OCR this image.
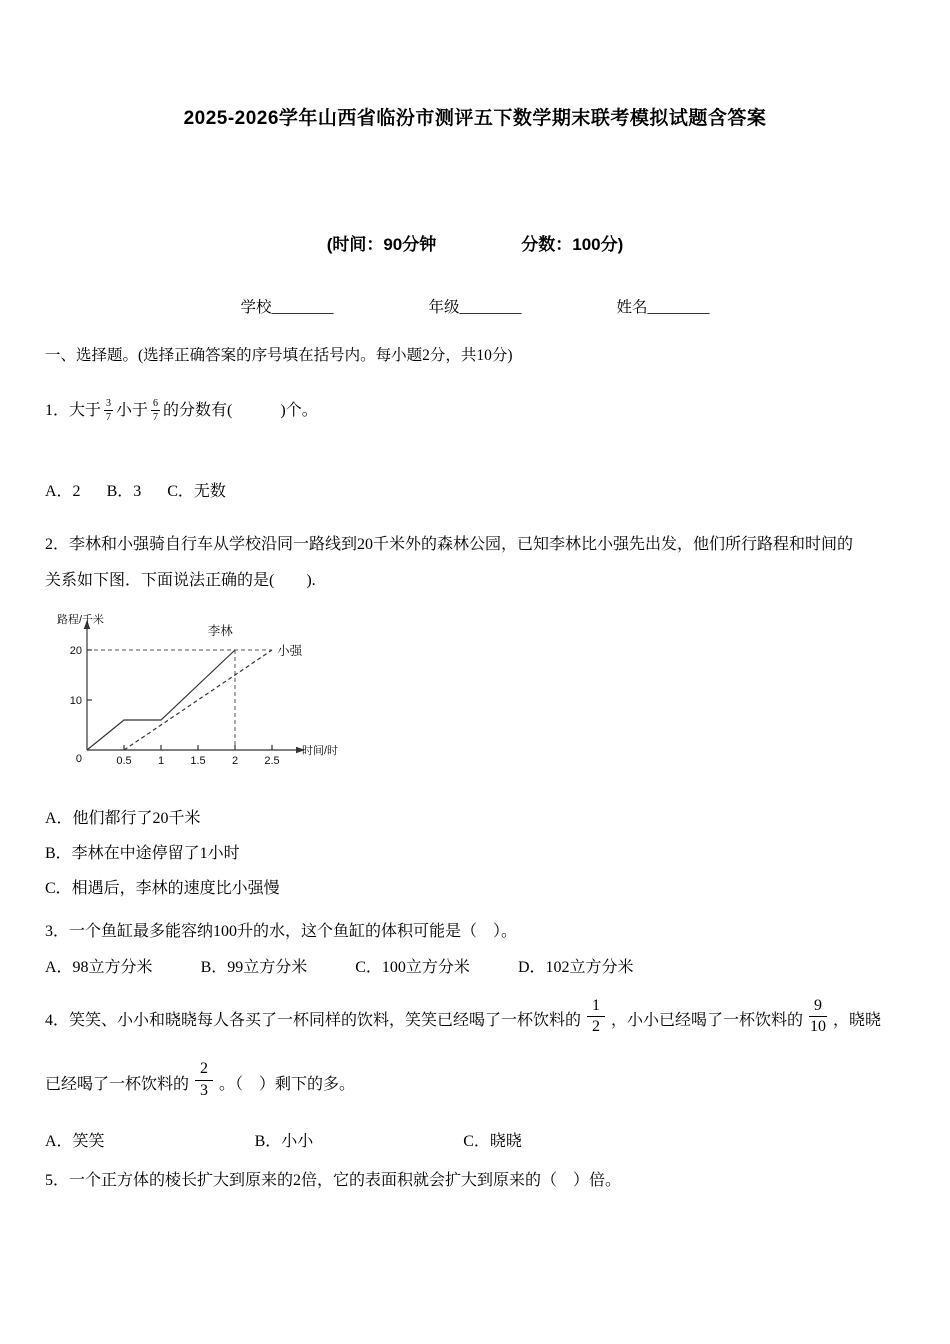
2025-2026学年山西省临汾市测评五下数学期末联考模拟试题含答案
(时间：90分钟	分数：100分)
学校________	年级________	姓名________

一、选择题。(选择正确答案的序号填在括号内。每小题2分，共10分)

1．大于 $\frac{3}{7}$ 小于 $\frac{6}{7}$ 的分数有(　　　)个。

A．2 B．3 C．无数

2．李林和小强骑自行车从学校沿同一路线到20千米外的森林公园，已知李林比小强先出发，他们所行路程和时间的

关系如下图．下面说法正确的是(　　).

李林
小强
0.5 1 1.5 2 2.5
10
20
0
路程/千米
时间/时

A．他们都行了20千米

B．李林在中途停留了1小时

C．相遇后，李林的速度比小强慢

3．一个鱼缸最多能容纳100升的水，这个鱼缸的体积可能是（　）。

A．98立方分米	B．99立方分米	C．100立方分米	D．102立方分米

4．笑笑、小小和晓晓每人各买了一杯同样的饮料，笑笑已经喝了一杯饮料的 $\frac{1}{2}$ ，小小已经喝了一杯饮料的 $\frac{9}{10}$ ，晓晓

已经喝了一杯饮料的 $\frac{2}{3}$ 。（　）剩下的多。

A．笑笑	B．小小	C．晓晓

5．一个正方体的棱长扩大到原来的2倍，它的表面积就会扩大到原来的（　）倍。
